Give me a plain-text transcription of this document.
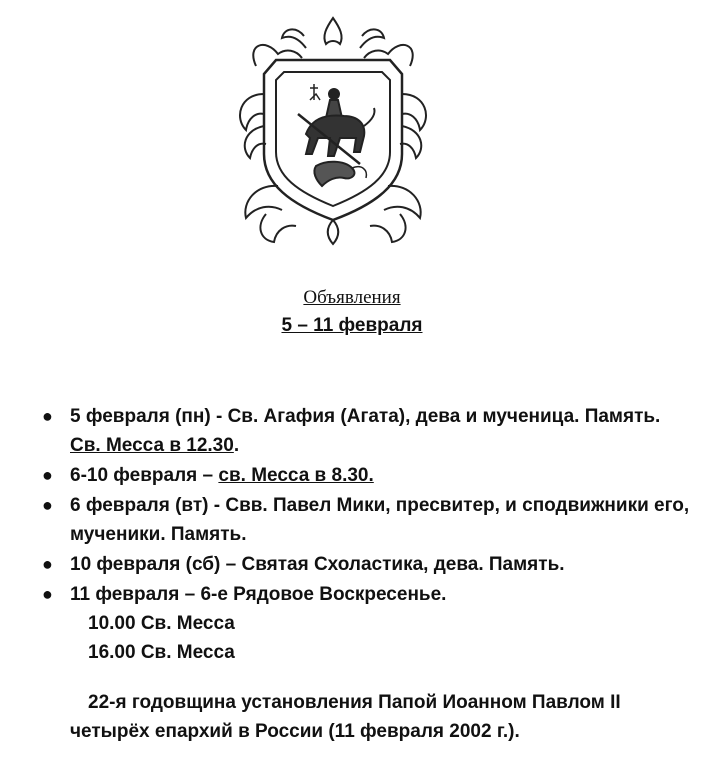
Объявления
5 – 11 февраля
● 5 февраля (пн) - Св. Агафия (Агата), дева и мученица. Память. Св. Месса в 12.30.
● 6-10 февраля – св. Месса в 8.30.
● 6 февраля (вт) - Свв. Павел Мики, пресвитер, и сподвижники его, мученики. Память.
● 10 февраля (сб) – Святая Схоластика, дева. Память.
● 11 февраля – 6-е Рядовое Воскресенье.
10.00 Св. Месса
16.00 Св. Месса
22-я годовщина установления Папой Иоанном Павлом II четырёх епархий в России (11 февраля 2002 г.).
